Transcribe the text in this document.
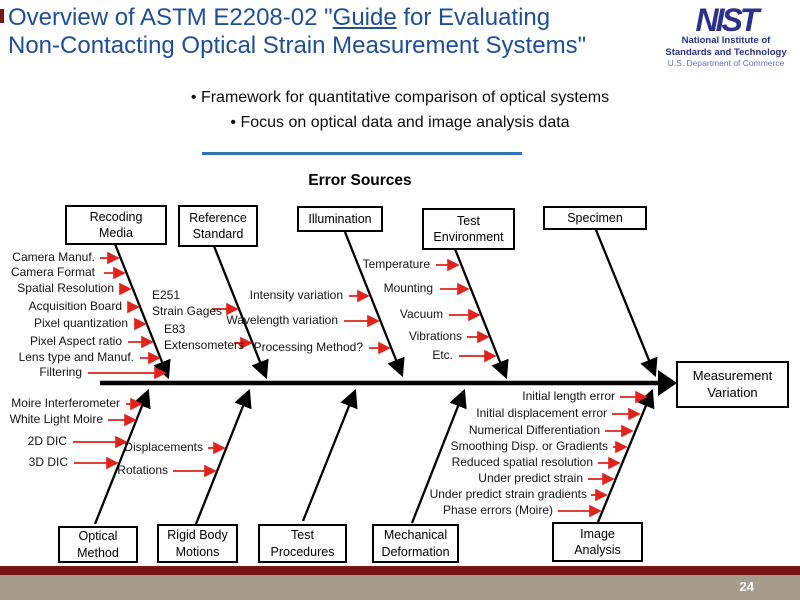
Overview of ASTM E2208-02 "Guide for Evaluating
Non-Contacting Optical Strain Measurement Systems"
NIST
National Institute of
Standards and Technology
U.S. Department of Commerce
• Framework for quantitative comparison of optical systems
• Focus on optical data and image analysis data
Error Sources
Recoding
Media
Reference
Standard
Illumination	Test
Environment
Specimen
Optical
Method
Rigid Body
Motions
Test
Procedures
Mechanical
Deformation
Image
Analysis
Measurement
Variation
Camera Manuf.
Camera Format
Spatial Resolution
Acquisition Board
Pixel quantization
Pixel Aspect ratio
Lens type and Manuf.
Filtering
E251
Strain Gages
E83
Extensometers
Intensity variation
Wavelength variation
Processing Method?
Temperature
Mounting
Vacuum
Vibrations
Etc.
Moire Interferometer
White Light Moire
2D DIC
3D DIC
Displacements
Rotations
Initial length error
Initial displacement error
Numerical Differentiation
Smoothing Disp. or Gradients
Reduced spatial resolution
Under predict strain
Under predict strain gradients
Phase errors (Moire)
24
